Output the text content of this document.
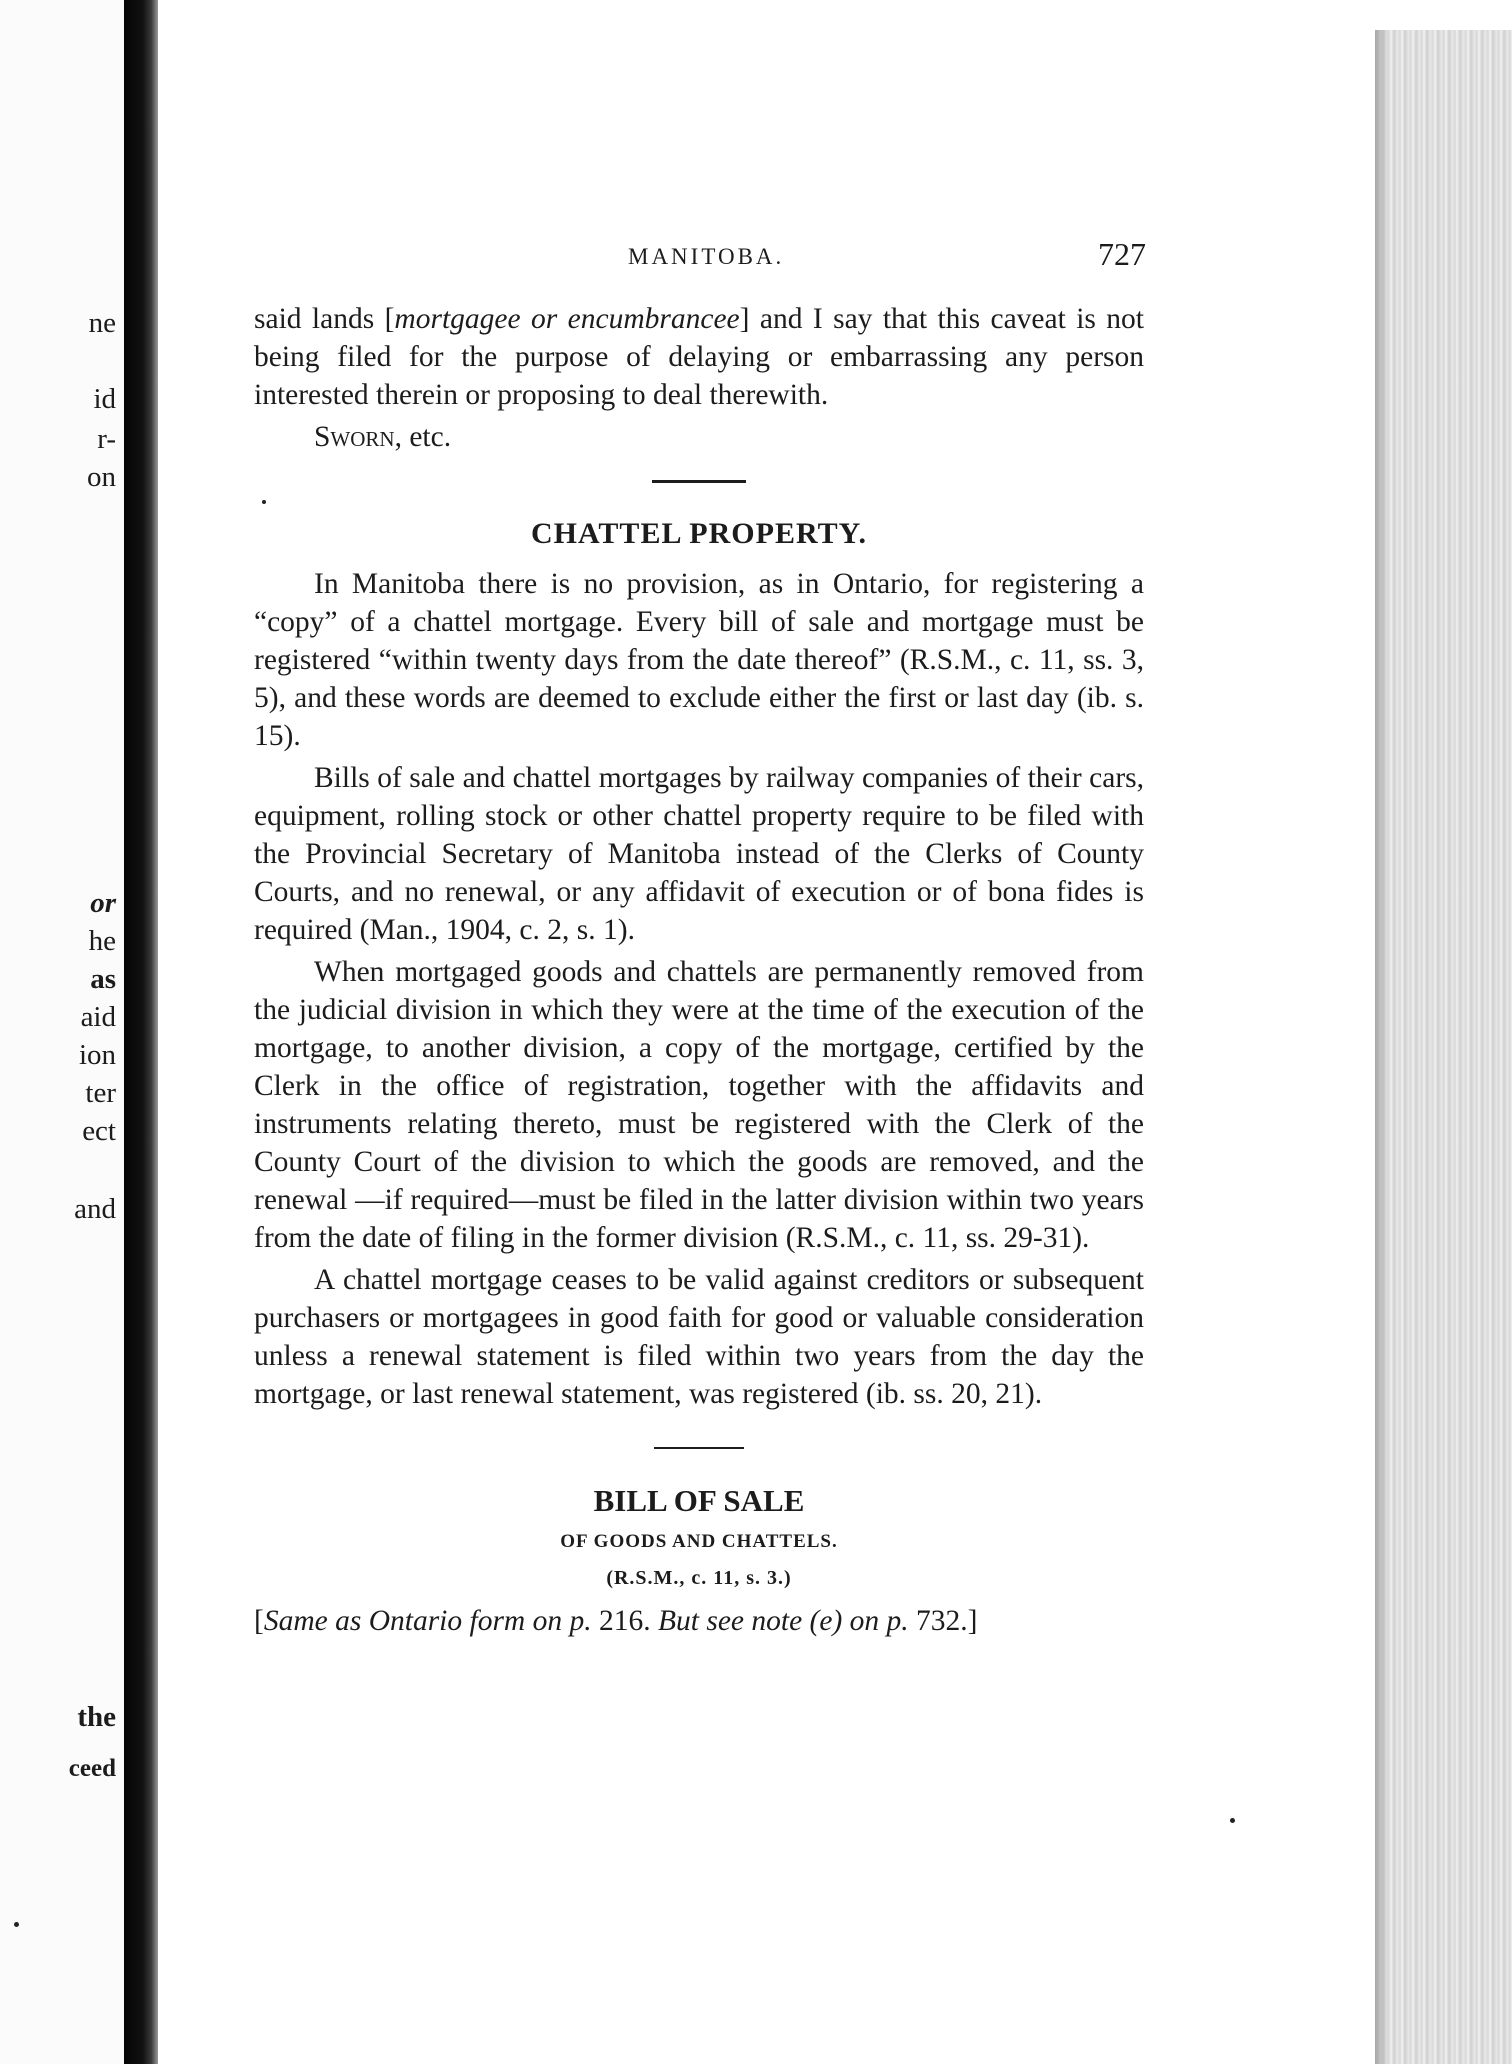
ne
id
r-
on
or
he
as
aid
ion
ter
ect
and
the
ceed
MANITOBA.	727

said lands [mortgagee or encumbrancee] and I say that this caveat is not being filed for the purpose of delaying or embarrassing any person interested therein or proposing to deal therewith.

Sworn, etc.

CHATTEL PROPERTY.

In Manitoba there is no provision, as in Ontario, for registering a “copy” of a chattel mortgage. Every bill of sale and mortgage must be registered “within twenty days from the date thereof” (R.S.M., c. 11, ss. 3, 5), and these words are deemed to exclude either the first or last day (ib. s. 15).

Bills of sale and chattel mortgages by railway companies of their cars, equipment, rolling stock or other chattel property require to be filed with the Provincial Secretary of Manitoba instead of the Clerks of County Courts, and no renewal, or any affidavit of execution or of bona fides is required (Man., 1904, c. 2, s. 1).

When mortgaged goods and chattels are permanently removed from the judicial division in which they were at the time of the execution of the mortgage, to another division, a copy of the mortgage, certified by the Clerk in the office of registration, together with the affidavits and instruments relating thereto, must be registered with the Clerk of the County Court of the division to which the goods are removed, and the renewal —if required—must be filed in the latter division within two years from the date of filing in the former division (R.S.M., c. 11, ss. 29-31).

A chattel mortgage ceases to be valid against creditors or subsequent purchasers or mortgagees in good faith for good or valuable consideration unless a renewal statement is filed within two years from the day the mortgage, or last renewal statement, was registered (ib. ss. 20, 21).

BILL OF SALE
OF GOODS AND CHATTELS.
(R.S.M., c. 11, s. 3.)

[Same as Ontario form on p. 216. But see note (e) on p. 732.]
